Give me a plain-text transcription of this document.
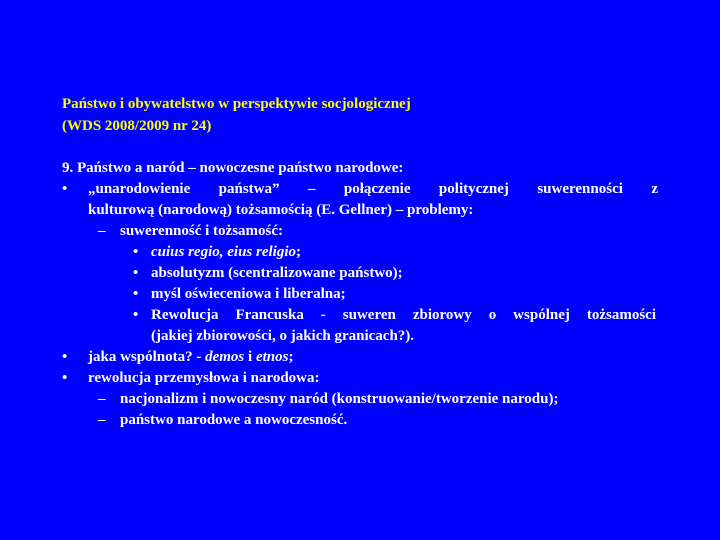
Państwo i obywatelstwo w perspektywie socjologicznej
(WDS 2008/2009 nr 24)
9. Państwo a naród – nowoczesne państwo narodowe:
• „unarodowienie państwa” – połączenie politycznej suwerenności z
kulturową (narodową) tożsamością (E. Gellner) – problemy:
– suwerenność i tożsamość:
• cuius regio, eius religio;
• absolutyzm (scentralizowane państwo);
• myśl oświeceniowa i liberalna;
• Rewolucja Francuska - suweren zbiorowy o wspólnej tożsamości
(jakiej zbiorowości, o jakich granicach?).
• jaka wspólnota? - demos i etnos;
• rewolucja przemysłowa i narodowa:
– nacjonalizm i nowoczesny naród (konstruowanie/tworzenie narodu);
– państwo narodowe a nowoczesność.
